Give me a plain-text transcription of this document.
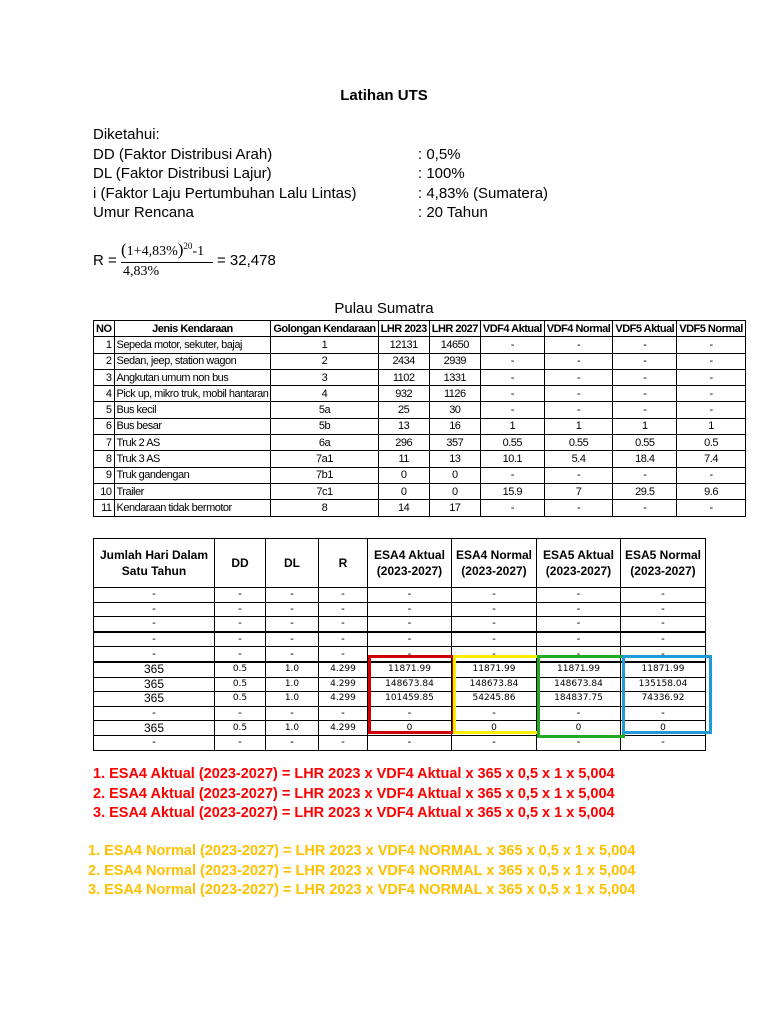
Latihan UTS
Diketahui:
DD (Faktor Distribusi Arah)	: 0,5%
DL (Faktor Distribusi Lajur)	: 100%
i (Faktor Laju Pertumbuhan Lalu Lintas)	: 4,83% (Sumatera)
Umur Rencana	: 20 Tahun
R =
$(1+4,83\%)^{20}-1$
4,83%
= 32,478
Pulau Sumatra
NO	Jenis Kendaraan	Golongan Kendaraan	LHR 2023	LHR 2027	VDF4 Aktual	VDF4 Normal	VDF5 Aktual	VDF5 Normal
1	Sepeda motor, sekuter, bajaj	1	12131	14650	-	-	-	-
2	Sedan, jeep, station wagon	2	2434	2939	-	-	-	-
3	Angkutan umum non bus	3	1102	1331	-	-	-	-
4	Pick up, mikro truk, mobil hantaran	4	932	1126	-	-	-	-
5	Bus kecil	5a	25	30	-	-	-	-
6	Bus besar	5b	13	16	1	1	1	1
7	Truk 2 AS	6a	296	357	0.55	0.55	0.55	0.5
8	Truk 3 AS	7a1	11	13	10.1	5.4	18.4	7.4
9	Truk gandengan	7b1	0	0	-	-	-	-
10	Trailer	7c1	0	0	15.9	7	29.5	9.6
11	Kendaraan tidak bermotor	8	14	17	-	-	-	-
Jumlah Hari Dalam Satu Tahun	DD	DL	R	ESA4 Aktual (2023-2027)	ESA4 Normal (2023-2027)	ESA5 Aktual (2023-2027)	ESA5 Normal (2023-2027)
-	-	-	-	-	-	-	-
-	-	-	-	-	-	-	-
-	-	-	-	-	-	-	-
-	-	-	-	-	-	-	-
-	-	-	-	-	-	-	-
365	0.5	1.0	4.299	11871.99	11871.99	11871.99	11871.99
365	0.5	1.0	4.299	148673.84	148673.84	148673.84	135158.04
365	0.5	1.0	4.299	101459.85	54245.86	184837.75	74336.92
-	-	-	-	-	-	-	-
365	0.5	1.0	4.299	0	0	0	0
-	-	-	-	-	-	-	-
1. ESA4 Aktual (2023-2027) = LHR 2023 x VDF4 Aktual x 365 x 0,5 x 1 x 5,004
2. ESA4 Aktual (2023-2027) = LHR 2023 x VDF4 Aktual x 365 x 0,5 x 1 x 5,004
3. ESA4 Aktual (2023-2027) = LHR 2023 x VDF4 Aktual x 365 x 0,5 x 1 x 5,004
1. ESA4 Normal (2023-2027) = LHR 2023 x VDF4 NORMAL x 365 x 0,5 x 1 x 5,004
2. ESA4 Normal (2023-2027) = LHR 2023 x VDF4 NORMAL x 365 x 0,5 x 1 x 5,004
3. ESA4 Normal (2023-2027) = LHR 2023 x VDF4 NORMAL x 365 x 0,5 x 1 x 5,004
